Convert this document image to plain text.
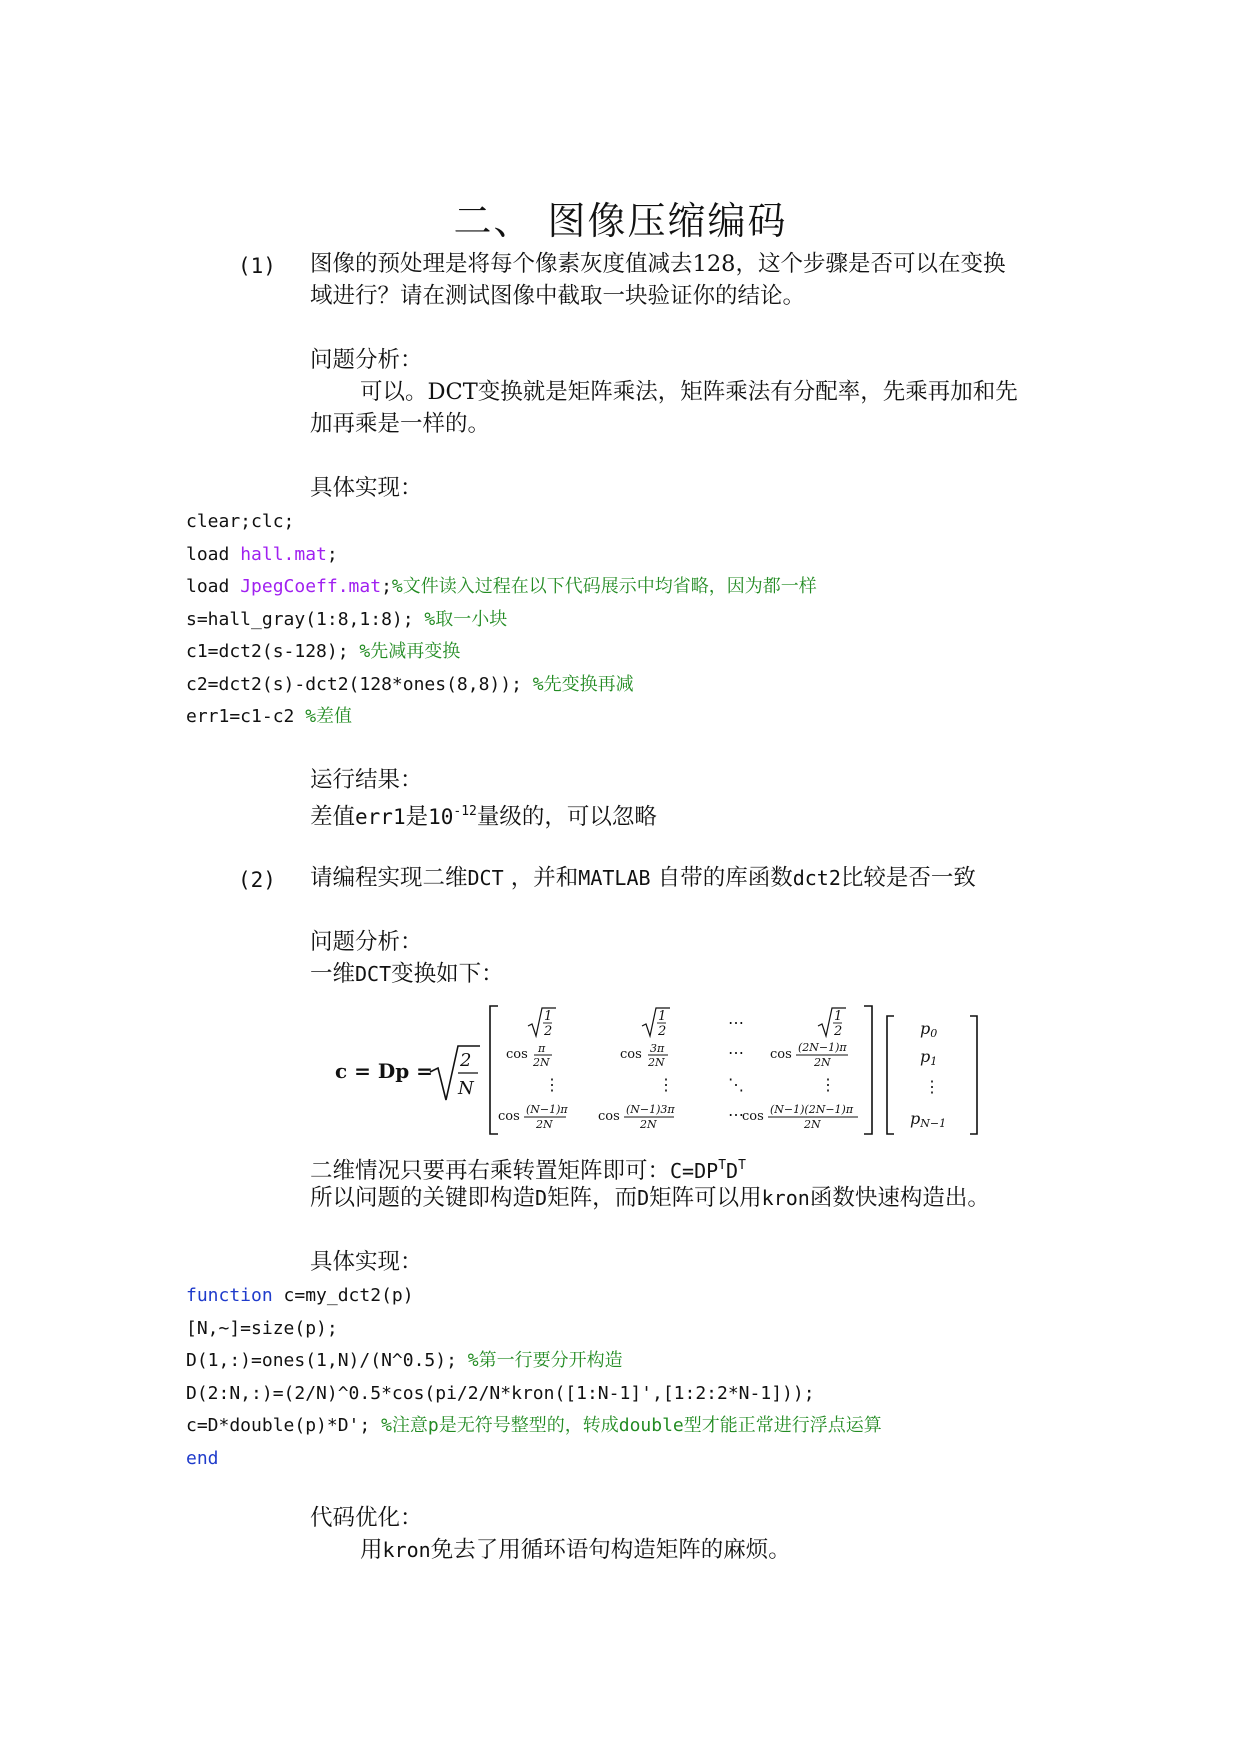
二、 图像压缩编码
(1) 图像的预处理是将每个像素灰度值减去128，这个步骤是否可以在变换
域进行？请在测试图像中截取一块验证你的结论。
问题分析：
可以。DCT变换就是矩阵乘法，矩阵乘法有分配率，先乘再加和先
加再乘是一样的。
具体实现：
clear;clc;
load hall.mat;
load JpegCoeff.mat;%文件读入过程在以下代码展示中均省略，因为都一样
s=hall_gray(1:8,1:8); %取一小块
c1=dct2(s-128); %先减再变换
c2=dct2(s)-dct2(128*ones(8,8)); %先变换再减
err1=c1-c2 %差值
运行结果：
差值err1是$10^{-12}$量级的，可以忽略
(2) 请编程实现二维DCT ，并和MATLAB 自带的库函数dct2比较是否一致
问题分析：
一维DCT变换如下：
c = Dp = 2
N
1
2
1
2
1
2
⋯
cos π
2N
cos 3π
2N
⋯ cos (2N−1)π
2N
⋮	⋮	⋱	⋮
cos (N−1)π
2N
cos (N−1)3π
2N
⋯
cos (N−1)(2N−1)π
2N
p0
p1
⋮
pN−1
二维情况只要再右乘转置矩阵即可：$C=DP^TD^T$
所以问题的关键即构造D矩阵，而D矩阵可以用kron函数快速构造出。
具体实现：
function c=my_dct2(p)
[N,~]=size(p);
D(1,:)=ones(1,N)/(N^0.5); %第一行要分开构造
D(2:N,:)=(2/N)^0.5*cos(pi/2/N*kron([1:N-1]',[1:2:2*N-1]));
c=D*double(p)*D'; %注意p是无符号整型的，转成double型才能正常进行浮点运算
end
代码优化：
用kron免去了用循环语句构造矩阵的麻烦。
